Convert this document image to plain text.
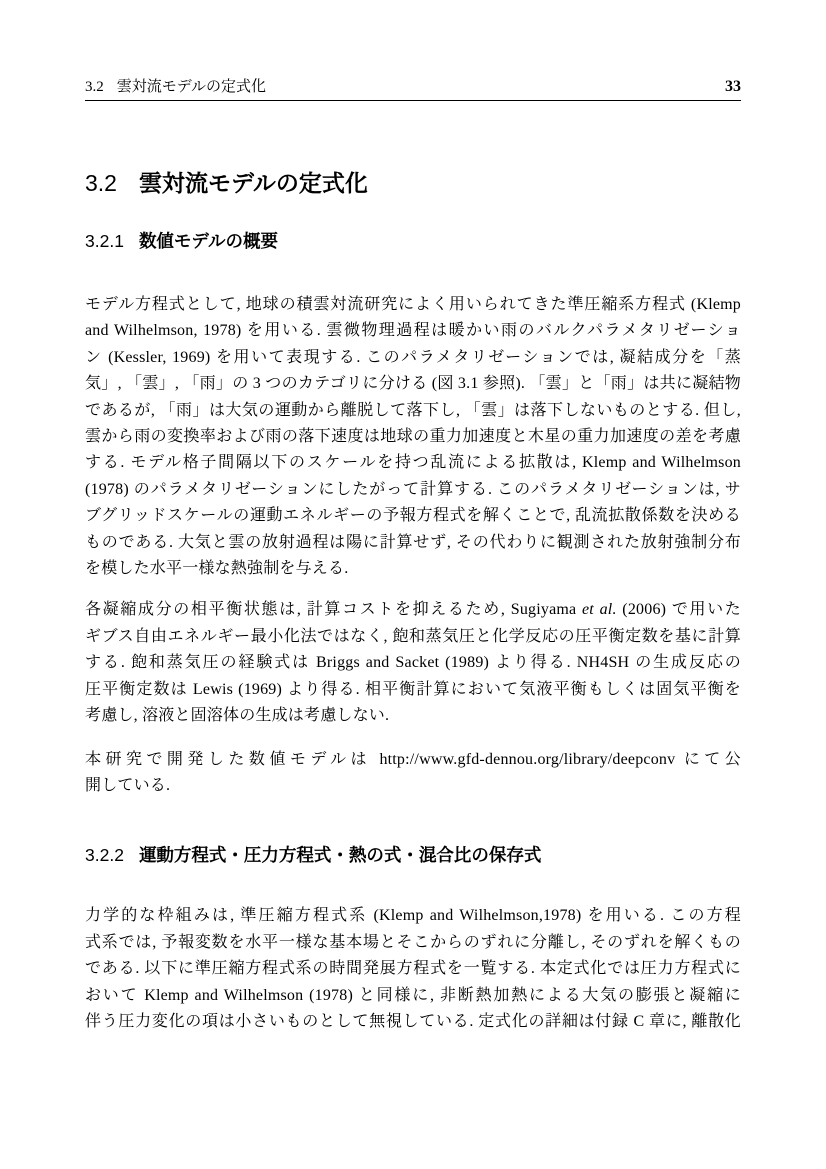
3.2 雲対流モデルの定式化	33
3.2 雲対流モデルの定式化
3.2.1 数値モデルの概要
モデル方程式として, 地球の積雲対流研究によく用いられてきた準圧縮系方程式 (Klemp
and Wilhelmson, 1978) を用いる. 雲微物理過程は暖かい雨のバルクパラメタリゼーショ
ン (Kessler, 1969) を用いて表現する. このパラメタリゼーションでは, 凝結成分を「蒸
気」, 「雲」, 「雨」の 3 つのカテゴリに分ける (図 3.1 参照). 「雲」と「雨」は共に凝結物
であるが, 「雨」は大気の運動から離脱して落下し, 「雲」は落下しないものとする. 但し,
雲から雨の変換率および雨の落下速度は地球の重力加速度と木星の重力加速度の差を考慮
する. モデル格子間隔以下のスケールを持つ乱流による拡散は, Klemp and Wilhelmson
(1978) のパラメタリゼーションにしたがって計算する. このパラメタリゼーションは, サ
ブグリッドスケールの運動エネルギーの予報方程式を解くことで, 乱流拡散係数を決める
ものである. 大気と雲の放射過程は陽に計算せず, その代わりに観測された放射強制分布
を模した水平一様な熱強制を与える.
各凝縮成分の相平衡状態は, 計算コストを抑えるため, Sugiyama et al. (2006) で用いた
ギブス自由エネルギー最小化法ではなく, 飽和蒸気圧と化学反応の圧平衡定数を基に計算
する. 飽和蒸気圧の経験式は Briggs and Sacket (1989) より得る. NH4SH の生成反応の
圧平衡定数は Lewis (1969) より得る. 相平衡計算において気液平衡もしくは固気平衡を
考慮し, 溶液と固溶体の生成は考慮しない.
本研究で開発した数値モデルは http://www.gfd-dennou.org/library/deepconv にて公
開している.
3.2.2 運動方程式・圧力方程式・熱の式・混合比の保存式
力学的な枠組みは, 準圧縮方程式系 (Klemp and Wilhelmson,1978) を用いる. この方程
式系では, 予報変数を水平一様な基本場とそこからのずれに分離し, そのずれを解くもの
である. 以下に準圧縮方程式系の時間発展方程式を一覧する. 本定式化では圧力方程式に
おいて Klemp and Wilhelmson (1978) と同様に, 非断熱加熱による大気の膨張と凝縮に
伴う圧力変化の項は小さいものとして無視している. 定式化の詳細は付録 C 章に, 離散化
